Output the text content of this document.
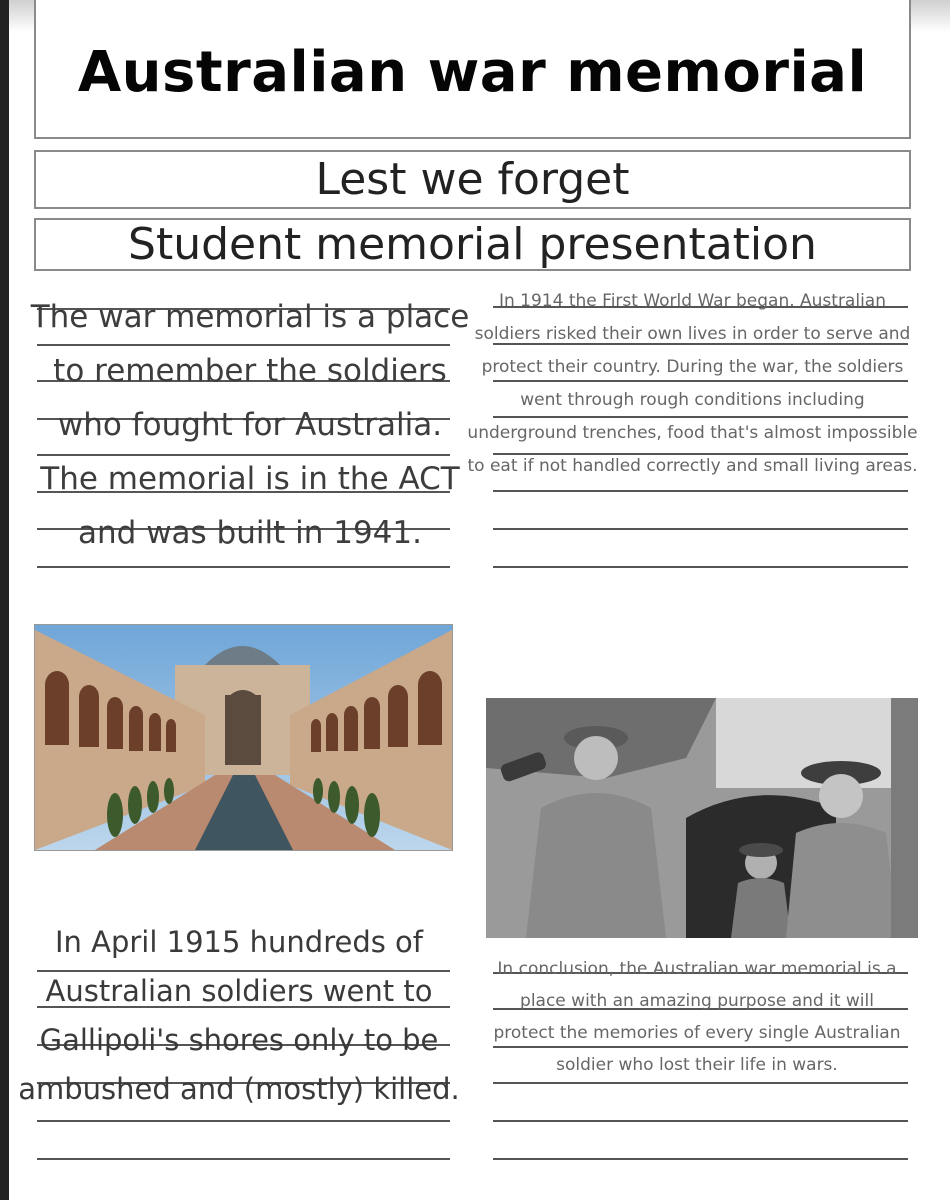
Australian war memorial
Lest we forget
Student memorial presentation

The war memorial is a place to remember the soldiers who fought for Australia. The memorial is in the ACT and was built in 1941.

In 1914 the First World War began. Australian soldiers risked their own lives in order to serve and protect their country. During the war, the soldiers went through rough conditions including underground trenches, food that's almost impossible to eat if not handled correctly and small living areas.

In April 1915 hundreds of Australian soldiers went to Gallipoli's shores only to be ambushed and (mostly) killed.

In conclusion, the Australian war memorial is a place with an amazing purpose and it will protect the memories of every single Australian soldier who lost their life in wars.
